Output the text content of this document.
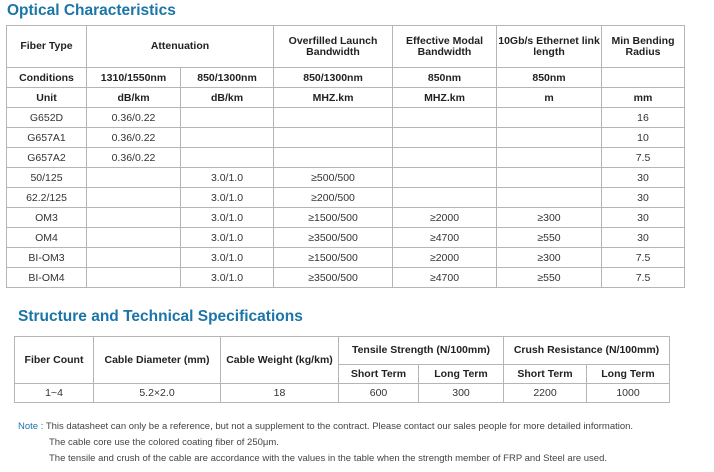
Optical Characteristics
Fiber Type	Attenuation		Overfilled Launch Bandwidth	Effective Modal Bandwidth	10Gb/s Ethernet link length	Min Bending Radius
Conditions	1310/1550nm	850/1300nm	850/1300nm	850nm	850nm	
Unit	dB/km	dB/km	MHZ.km	MHZ.km	m	mm
G652D	0.36/0.22					16
G657A1	0.36/0.22					10
G657A2	0.36/0.22					7.5
50/125		3.0/1.0	≥500/500			30
62.2/125		3.0/1.0	≥200/500			30
OM3		3.0/1.0	≥1500/500	≥2000	≥300	30
OM4		3.0/1.0	≥3500/500	≥4700	≥550	30
BI-OM3		3.0/1.0	≥1500/500	≥2000	≥300	7.5
BI-OM4		3.0/1.0	≥3500/500	≥4700	≥550	7.5
Structure and Technical Specifications
Fiber Count	Cable Diameter (mm)	Cable Weight (kg/km)	Tensile Strength (N/100mm)		Crush Resistance (N/100mm)	
			Short Term	Long Term	Short Term	Long Term
1~4	5.2×2.0	18	600	300	2200	1000
Note : This datasheet can only be a reference, but not a supplement to the contract. Please contact our sales people for more detailed information.
The cable core use the colored coating fiber of 250μm.
The tensile and crush of the cable are accordance with the values in the table when the strength member of FRP and Steel are used.
